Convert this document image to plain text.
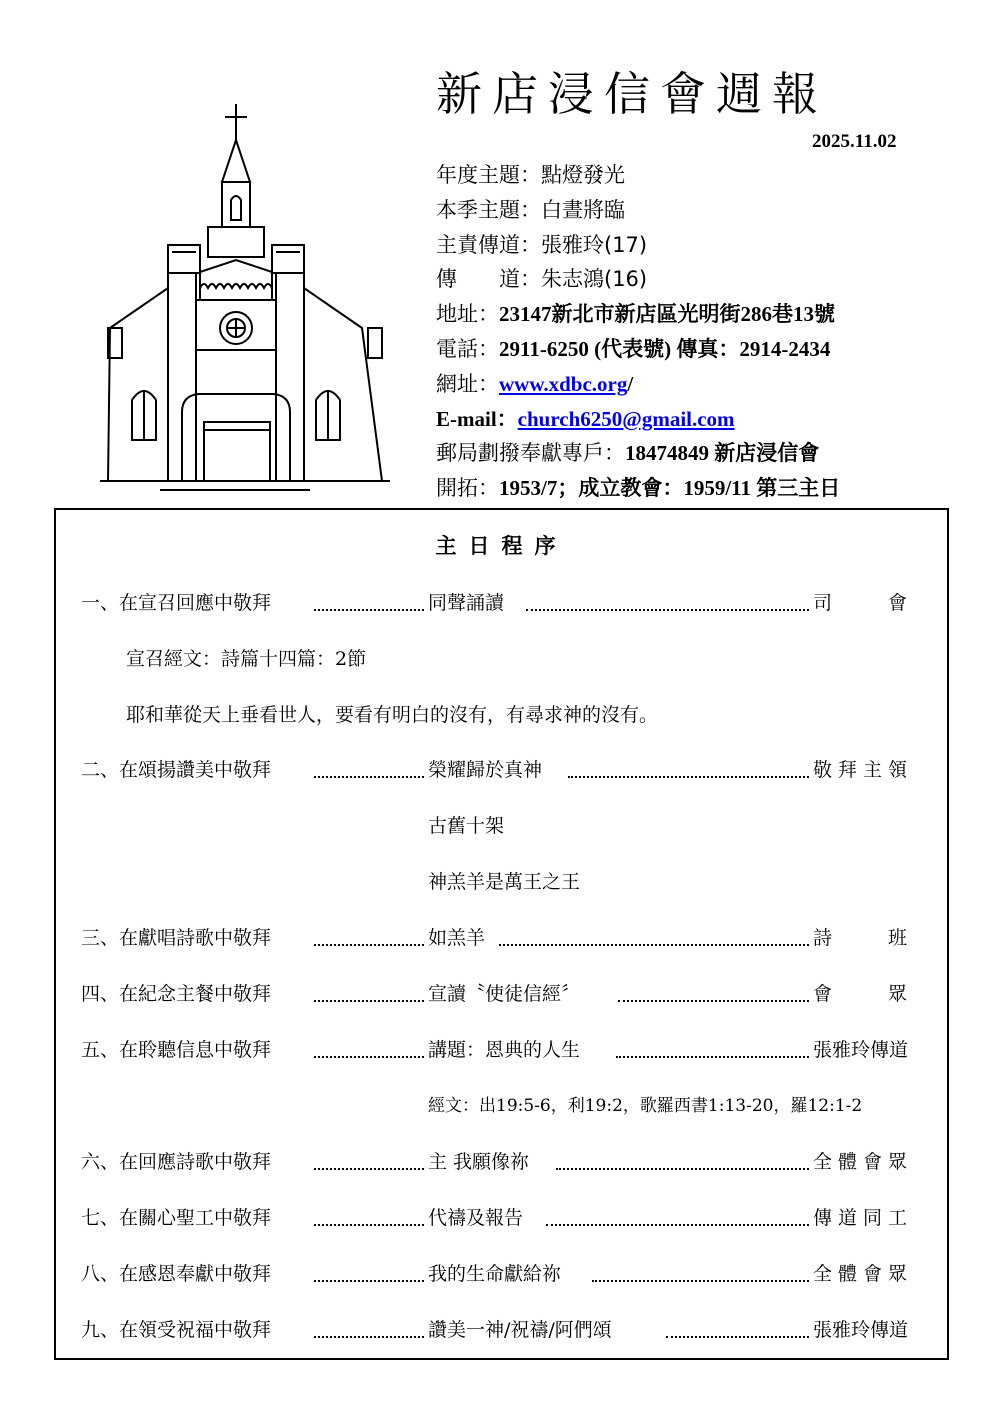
新店浸信會週報
2025.11.02
年度主題：點燈發光
本季主題：白晝將臨
主責傳道：張雅玲(17)
傳　　道：朱志鴻(16)
地址：23147新北市新店區光明街286巷13號
電話：2911-6250 (代表號) 傳真：2914-2434
網址：www.xdbc.org/
E-mail：church6250@gmail.com
郵局劃撥奉獻專戶：18474849 新店浸信會
開拓：1953/7；成立教會：1959/11 第三主日
主日程序
一、在宣召回應中敬拜	同聲誦讀	司會
宣召經文：詩篇十四篇：2節
耶和華從天上垂看世人，要看有明白的沒有，有尋求神的沒有。
二、在頌揚讚美中敬拜	榮耀歸於真神	敬拜主領
古舊十架
神羔羊是萬王之王
三、在獻唱詩歌中敬拜	如羔羊	詩班
四、在紀念主餐中敬拜	宣讀〝使徒信經〞	會眾
五、在聆聽信息中敬拜	講題：恩典的人生	張雅玲傳道
經文：出19:5-6，利19:2，歌羅西書1:13-20，羅12:1-2
六、在回應詩歌中敬拜	主 我願像祢	全體會眾
七、在關心聖工中敬拜	代禱及報告	傳道同工
八、在感恩奉獻中敬拜	我的生命獻給祢	全體會眾
九、在領受祝福中敬拜	讚美一神/祝禱/阿們頌	張雅玲傳道
